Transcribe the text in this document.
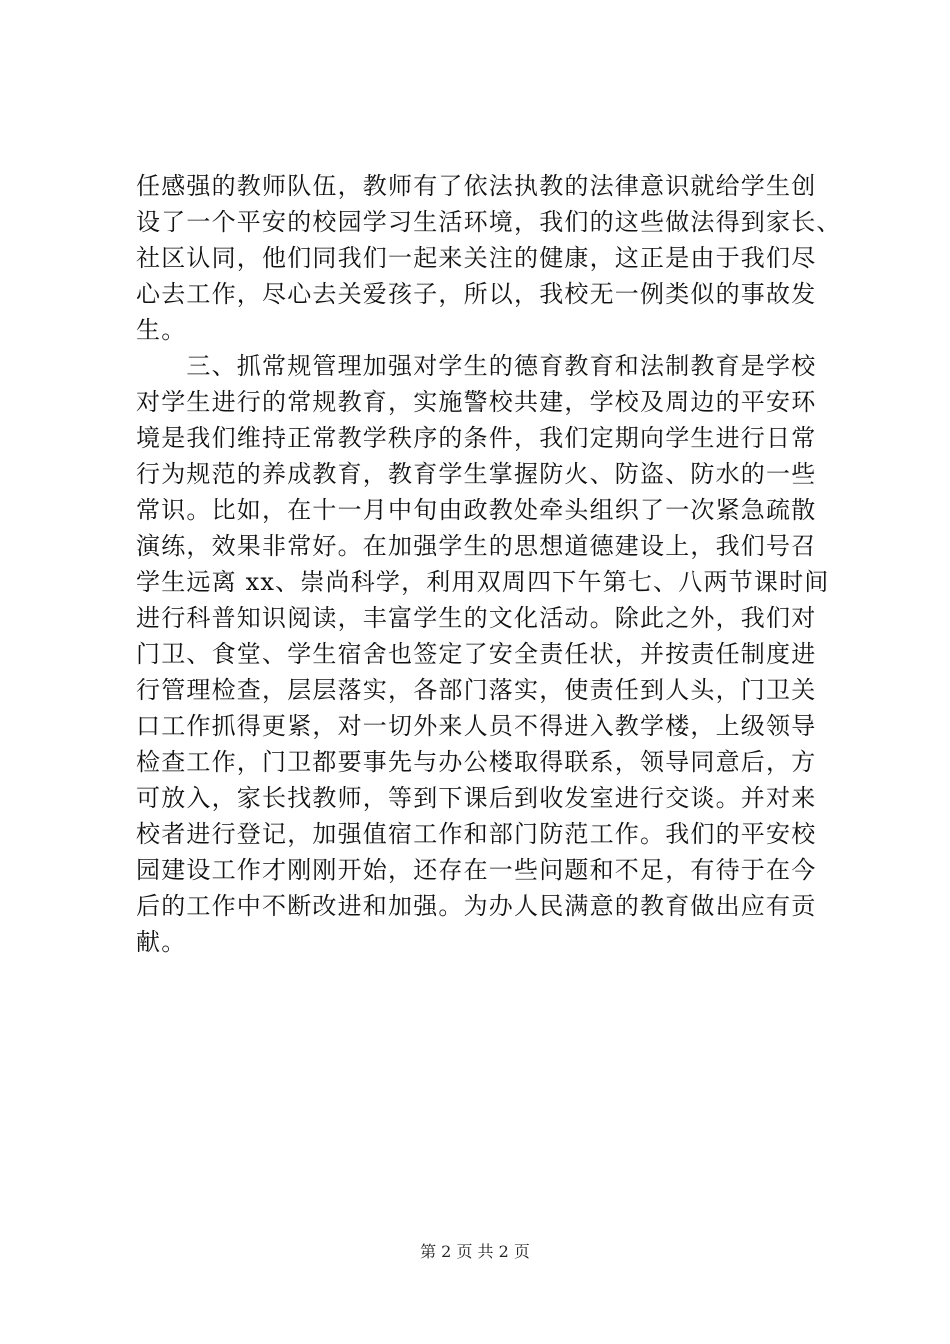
任感强的教师队伍，教师有了依法执教的法律意识就给学生创
设了一个平安的校园学习生活环境，我们的这些做法得到家长、
社区认同，他们同我们一起来关注的健康，这正是由于我们尽
心去工作，尽心去关爱孩子，所以，我校无一例类似的事故发
生。
　　三、抓常规管理加强对学生的德育教育和法制教育是学校
对学生进行的常规教育，实施警校共建，学校及周边的平安环
境是我们维持正常教学秩序的条件，我们定期向学生进行日常
行为规范的养成教育，教育学生掌握防火、防盗、防水的一些
常识。比如，在十一月中旬由政教处牵头组织了一次紧急疏散
演练，效果非常好。在加强学生的思想道德建设上，我们号召
学生远离 xx、崇尚科学，利用双周四下午第七、八两节课时间
进行科普知识阅读，丰富学生的文化活动。除此之外，我们对
门卫、食堂、学生宿舍也签定了安全责任状，并按责任制度进
行管理检查，层层落实，各部门落实，使责任到人头，门卫关
口工作抓得更紧，对一切外来人员不得进入教学楼，上级领导
检查工作，门卫都要事先与办公楼取得联系，领导同意后，方
可放入，家长找教师，等到下课后到收发室进行交谈。并对来
校者进行登记，加强值宿工作和部门防范工作。我们的平安校
园建设工作才刚刚开始，还存在一些问题和不足，有待于在今
后的工作中不断改进和加强。为办人民满意的教育做出应有贡
献。
第 2 页 共 2 页
